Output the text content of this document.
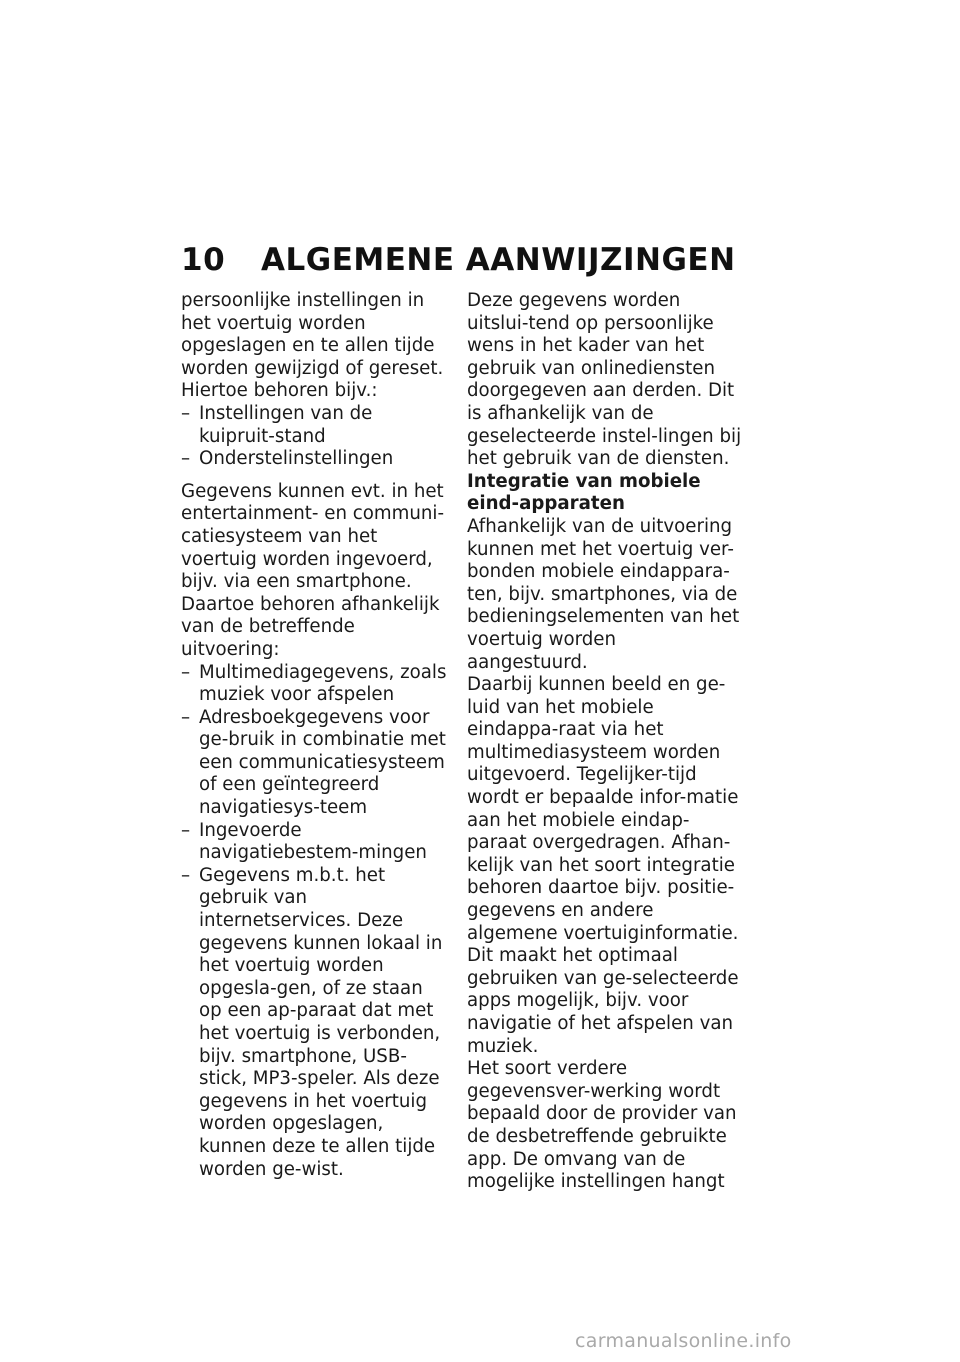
10 ALGEMENE AANWIJZINGEN

persoonlijke instellingen in het voertuig worden opgeslagen en te allen tijde worden gewijzigd of gereset.

Hiertoe behoren bijv.:

– Instellingen van de kuipruit-stand
– Onderstelinstellingen

Gegevens kunnen evt. in het entertainment- en communi-catiesysteem van het voertuig worden ingevoerd, bijv. via een smartphone.

Daartoe behoren afhankelijk van de betreffende uitvoering:

– Multimediagegevens, zoals muziek voor afspelen
– Adresboekgegevens voor ge-bruik in combinatie met een communicatiesysteem of een geïntegreerd navigatiesys-teem
– Ingevoerde navigatiebestem-mingen
– Gegevens m.b.t. het gebruik van internetservices. Deze gegevens kunnen lokaal in het voertuig worden opgesla-gen, of ze staan op een ap-paraat dat met het voertuig is verbonden, bijv. smartphone, USB-stick, MP3-speler. Als deze gegevens in het voertuig worden opgeslagen, kunnen deze te allen tijde worden ge-wist.

Deze gegevens worden uitslui-tend op persoonlijke wens in het kader van het gebruik van onlinediensten doorgegeven aan derden. Dit is afhankelijk van de geselecteerde instel-lingen bij het gebruik van de diensten.

Integratie van mobiele eind-apparaten

Afhankelijk van de uitvoering kunnen met het voertuig ver-bonden mobiele eindappara-ten, bijv. smartphones, via de bedieningselementen van het voertuig worden aangestuurd.

Daarbij kunnen beeld en ge-luid van het mobiele eindappa-raat via het multimediasysteem worden uitgevoerd. Tegelijker-tijd wordt er bepaalde infor-matie aan het mobiele eindap-paraat overgedragen. Afhan-kelijk van het soort integratie behoren daartoe bijv. positie-gegevens en andere algemene voertuiginformatie. Dit maakt het optimaal gebruiken van ge-selecteerde apps mogelijk, bijv. voor navigatie of het afspelen van muziek.

Het soort verdere gegevensver-werking wordt bepaald door de provider van de desbetreffende gebruikte app. De omvang van de mogelijke instellingen hangt

carmanualsonline.info
